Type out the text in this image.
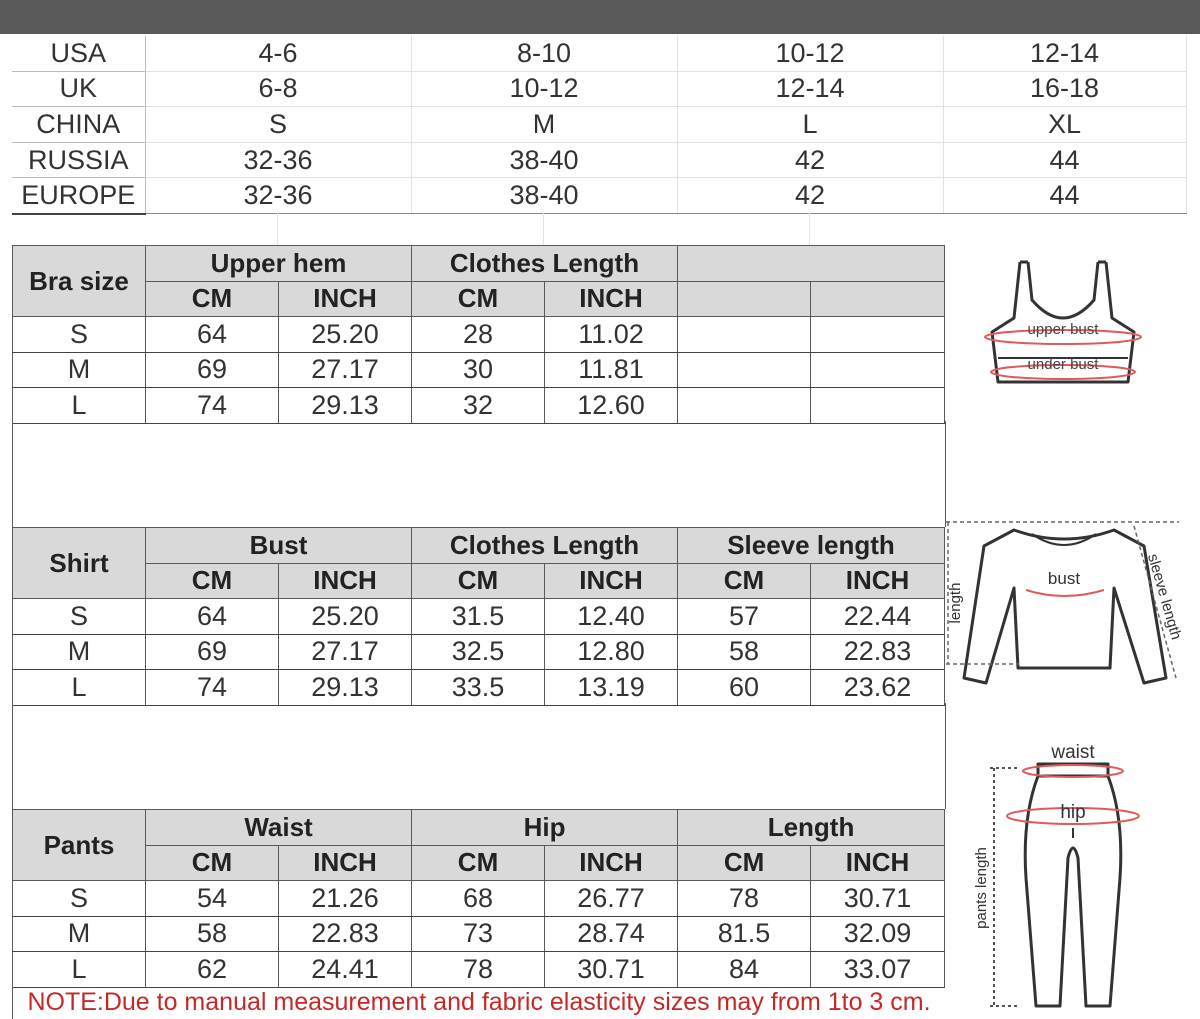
USA	4-6	8-10	10-12	12-14
UK	6-8	10-12	12-14	16-18
CHINA	S	M	L	XL
RUSSIA	32-36	38-40	42	44
EUROPE	32-36	38-40	42	44
Bra size	Upper hem		Clothes Length			
	CM	INCH	CM	INCH		
S	64	25.20	28	11.02		
M	69	27.17	30	11.81		
L	74	29.13	32	12.60		
Shirt	Bust		Clothes Length		Sleeve length	
	CM	INCH	CM	INCH	CM	INCH
S	64	25.20	31.5	12.40	57	22.44
M	69	27.17	32.5	12.80	58	22.83
L	74	29.13	33.5	13.19	60	23.62
Pants	Waist		Hip		Length	
	CM	INCH	CM	INCH	CM	INCH
S	54	21.26	68	26.77	78	30.71
M	58	22.83	73	28.74	81.5	32.09
L	62	24.41	78	30.71	84	33.07
NOTE:Due to manual measurement and fabric elasticity sizes may from 1to 3 cm.
upper bust
under bust
bust
length	sleeve length
waist
hip
pants length
